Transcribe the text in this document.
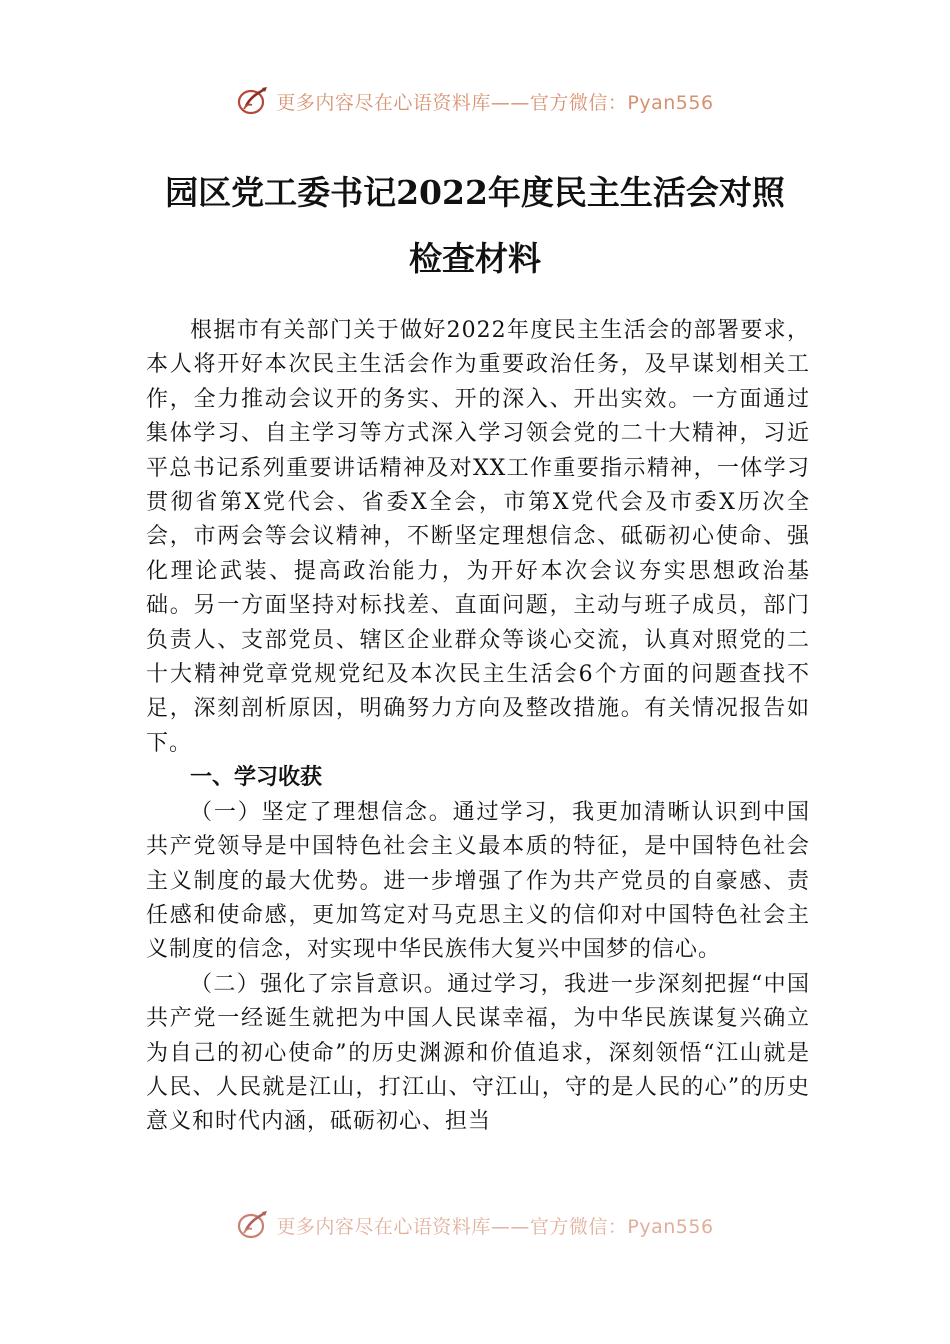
更多内容尽在心语资料库——官方微信：Pyan556
园区党工委书记2022年度民主生活会对照
检查材料

根据市有关部门关于做好2022年度民主生活会的部署要求，本人将开好本次民主生活会作为重要政治任务，及早谋划相关工作，全力推动会议开的务实、开的深入、开出实效。一方面通过集体学习、自主学习等方式深入学习领会党的二十大精神，习近平总书记系列重要讲话精神及对XX工作重要指示精神，一体学习贯彻省第X党代会、省委X全会，市第X党代会及市委X历次全会，市两会等会议精神，不断坚定理想信念、砥砺初心使命、强化理论武装、提高政治能力，为开好本次会议夯实思想政治基础。另一方面坚持对标找差、直面问题，主动与班子成员，部门负责人、支部党员、辖区企业群众等谈心交流，认真对照党的二十大精神党章党规党纪及本次民主生活会6个方面的问题查找不足，深刻剖析原因，明确努力方向及整改措施。有关情况报告如下。

一、学习收获

（一）坚定了理想信念。通过学习，我更加清晰认识到中国共产党领导是中国特色社会主义最本质的特征，是中国特色社会主义制度的最大优势。进一步增强了作为共产党员的自豪感、责任感和使命感，更加笃定对马克思主义的信仰对中国特色社会主义制度的信念，对实现中华民族伟大复兴中国梦的信心。

（二）强化了宗旨意识。通过学习，我进一步深刻把握“中国共产党一经诞生就把为中国人民谋幸福，为中华民族谋复兴确立为自己的初心使命”的历史渊源和价值追求，深刻领悟“江山就是人民、人民就是江山，打江山、守江山，守的是人民的心”的历史意义和时代内涵，砥砺初心、担当

更多内容尽在心语资料库——官方微信：Pyan556
